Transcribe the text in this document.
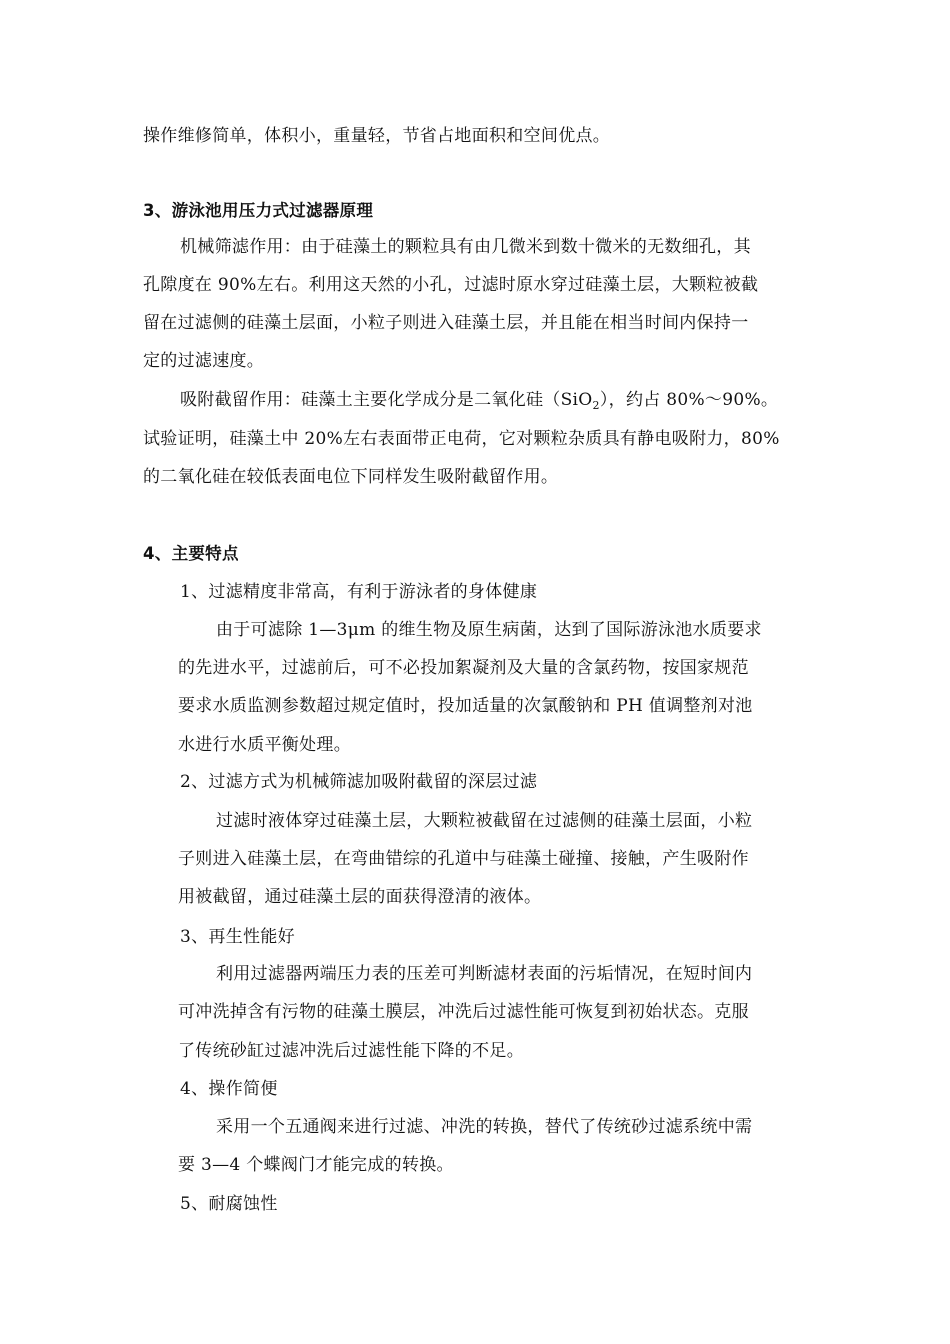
操作维修简单，体积小，重量轻，节省占地面积和空间优点。
3、游泳池用压力式过滤器原理
机械筛滤作用：由于硅藻土的颗粒具有由几微米到数十微米的无数细孔，其
孔隙度在 90%左右。利用这天然的小孔，过滤时原水穿过硅藻土层，大颗粒被截
留在过滤侧的硅藻土层面，小粒子则进入硅藻土层，并且能在相当时间内保持一
定的过滤速度。
吸附截留作用：硅藻土主要化学成分是二氧化硅（SiO$_2$），约占 80%～90%。
试验证明，硅藻土中 20%左右表面带正电荷，它对颗粒杂质具有静电吸附力，80%
的二氧化硅在较低表面电位下同样发生吸附截留作用。
4、主要特点
1、过滤精度非常高，有利于游泳者的身体健康
由于可滤除 1—3μm 的维生物及原生病菌，达到了国际游泳池水质要求
的先进水平，过滤前后，可不必投加絮凝剂及大量的含氯药物，按国家规范
要求水质监测参数超过规定值时，投加适量的次氯酸钠和 PH 值调整剂对池
水进行水质平衡处理。
2、过滤方式为机械筛滤加吸附截留的深层过滤
过滤时液体穿过硅藻土层，大颗粒被截留在过滤侧的硅藻土层面，小粒
子则进入硅藻土层，在弯曲错综的孔道中与硅藻土碰撞、接触，产生吸附作
用被截留，通过硅藻土层的面获得澄清的液体。
3、再生性能好
利用过滤器两端压力表的压差可判断滤材表面的污垢情况，在短时间内
可冲洗掉含有污物的硅藻土膜层，冲洗后过滤性能可恢复到初始状态。克服
了传统砂缸过滤冲洗后过滤性能下降的不足。
4、操作简便
采用一个五通阀来进行过滤、冲洗的转换，替代了传统砂过滤系统中需
要 3—4 个蝶阀门才能完成的转换。
5、耐腐蚀性
